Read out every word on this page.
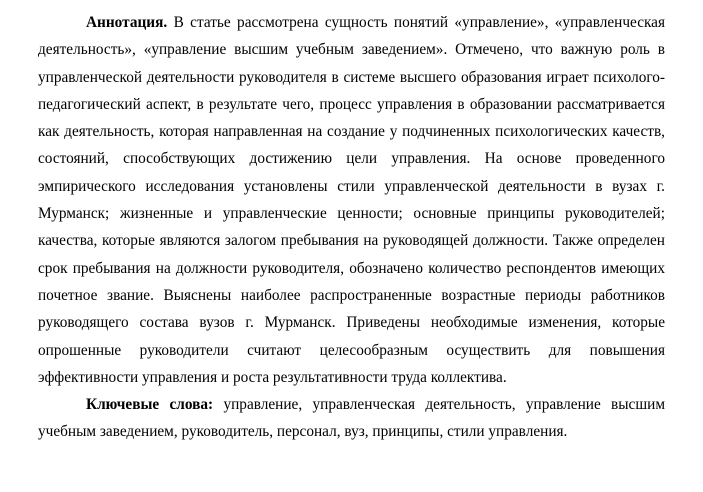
Аннотация. В статье рассмотрена сущность понятий «управление», «управленческая деятельность», «управление высшим учебным заведением». Отмечено, что важную роль в управленческой деятельности руководителя в системе высшего образования играет психолого-педагогический аспект, в результате чего, процесс управления в образовании рассматривается как деятельность, которая направленная на создание у подчиненных психологических качеств, состояний, способствующих достижению цели управления. На основе проведенного эмпирического исследования установлены стили управленческой деятельности в вузах г. Мурманск; жизненные и управленческие ценности; основные принципы руководителей; качества, которые являются залогом пребывания на руководящей должности. Также определен срок пребывания на должности руководителя, обозначено количество респондентов имеющих почетное звание. Выяснены наиболее распространенные возрастные периоды работников руководящего состава вузов г. Мурманск. Приведены необходимые изменения, которые опрошенные руководители считают целесообразным осуществить для повышения эффективности управления и роста результативности труда коллектива.

Ключевые слова: управление, управленческая деятельность, управление высшим учебным заведением, руководитель, персонал, вуз, принципы, стили управления.
